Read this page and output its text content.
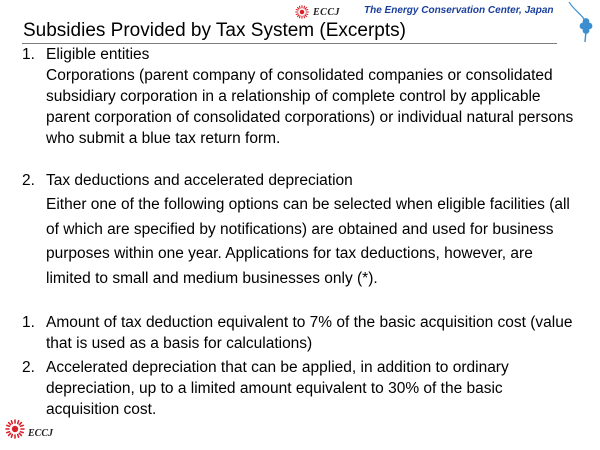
ECCJ The Energy Conservation Center, Japan
Subsidies Provided by Tax System (Excerpts)
1. Eligible entities
Corporations (parent company of consolidated companies or consolidated subsidiary corporation in a relationship of complete control by applicable parent corporation of consolidated corporations) or individual natural persons who submit a blue tax return form.
2. Tax deductions and accelerated depreciation
Either one of the following options can be selected when eligible facilities (all of which are specified by notifications) are obtained and used for business purposes within one year. Applications for tax deductions, however, are limited to small and medium businesses only (*).
1. Amount of tax deduction equivalent to 7% of the basic acquisition cost (value that is used as a basis for calculations)
2. Accelerated depreciation that can be applied, in addition to ordinary depreciation, up to a limited amount equivalent to 30% of the basic acquisition cost.
ECCJ
